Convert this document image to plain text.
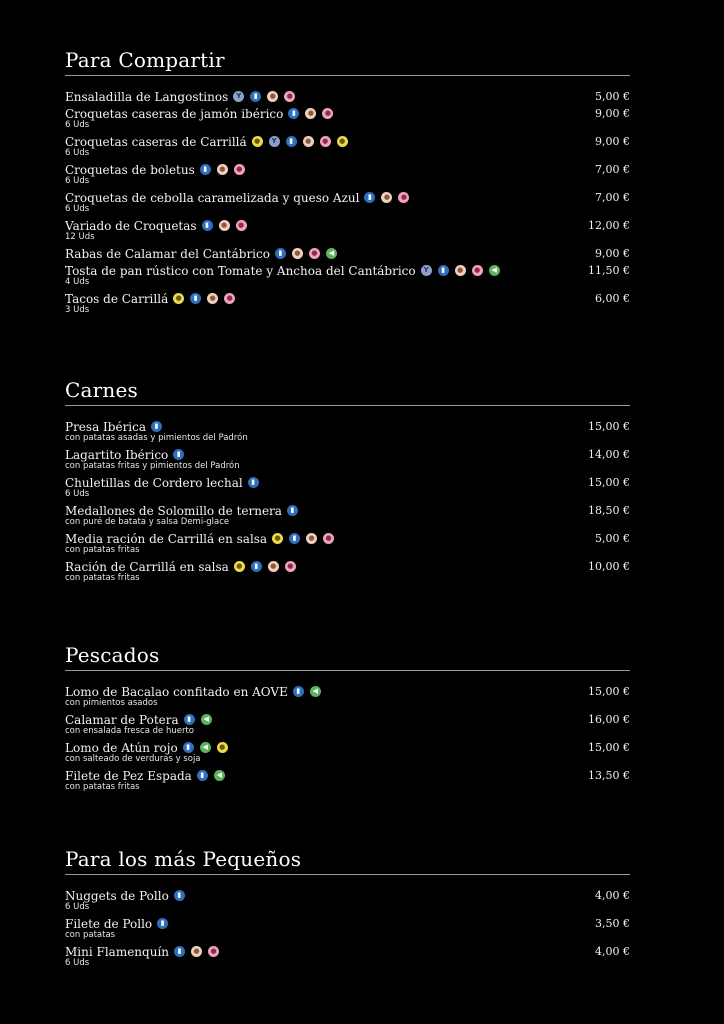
Para Compartir
Ensaladilla de Langostinos	Y	▮	●	●	5,00 €
Croquetas caseras de jamón ibérico	▮	●	●	9,00 €
6 Uds
Croquetas caseras de Carrillá	●	Y	▮	●	●	●	9,00 €
6 Uds
Croquetas de boletus	▮	●	●	7,00 €
6 Uds
Croquetas de cebolla caramelizada y queso Azul	▮	●	●	7,00 €
6 Uds
Variado de Croquetas	▮	●	●	12,00 €
12 Uds
Rabas de Calamar del Cantábrico	▮	●	●	◀	9,00 €
Tosta de pan rústico con Tomate y Anchoa del Cantábrico	Y	▮	●	●	◀	11,50 €
4 Uds
Tacos de Carrillá	●	▮	●	●	6,00 €
3 Uds
Carnes
Presa Ibérica	▮	15,00 €
con patatas asadas y pimientos del Padrón
Lagartito Ibérico	▮	14,00 €
con patatas fritas y pimientos del Padrón
Chuletillas de Cordero lechal	▮	15,00 €
6 Uds
Medallones de Solomillo de ternera	▮	18,50 €
con puré de batata y salsa Demi-glace
Media ración de Carrillá en salsa	●	▮	●	●	5,00 €
con patatas fritas
Ración de Carrillá en salsa	●	▮	●	●	10,00 €
con patatas fritas
Pescados
Lomo de Bacalao confitado en AOVE	▮	◀	15,00 €
con pimientos asados
Calamar de Potera	▮	◀	16,00 €
con ensalada fresca de huerto
Lomo de Atún rojo	▮	◀	●	15,00 €
con salteado de verduras y soja
Filete de Pez Espada	▮	◀	13,50 €
con patatas fritas
Para los más Pequeños
Nuggets de Pollo	▮	4,00 €
6 Uds
Filete de Pollo	▮	3,50 €
con patatas
Mini Flamenquín	▮	●	●	4,00 €
6 Uds
